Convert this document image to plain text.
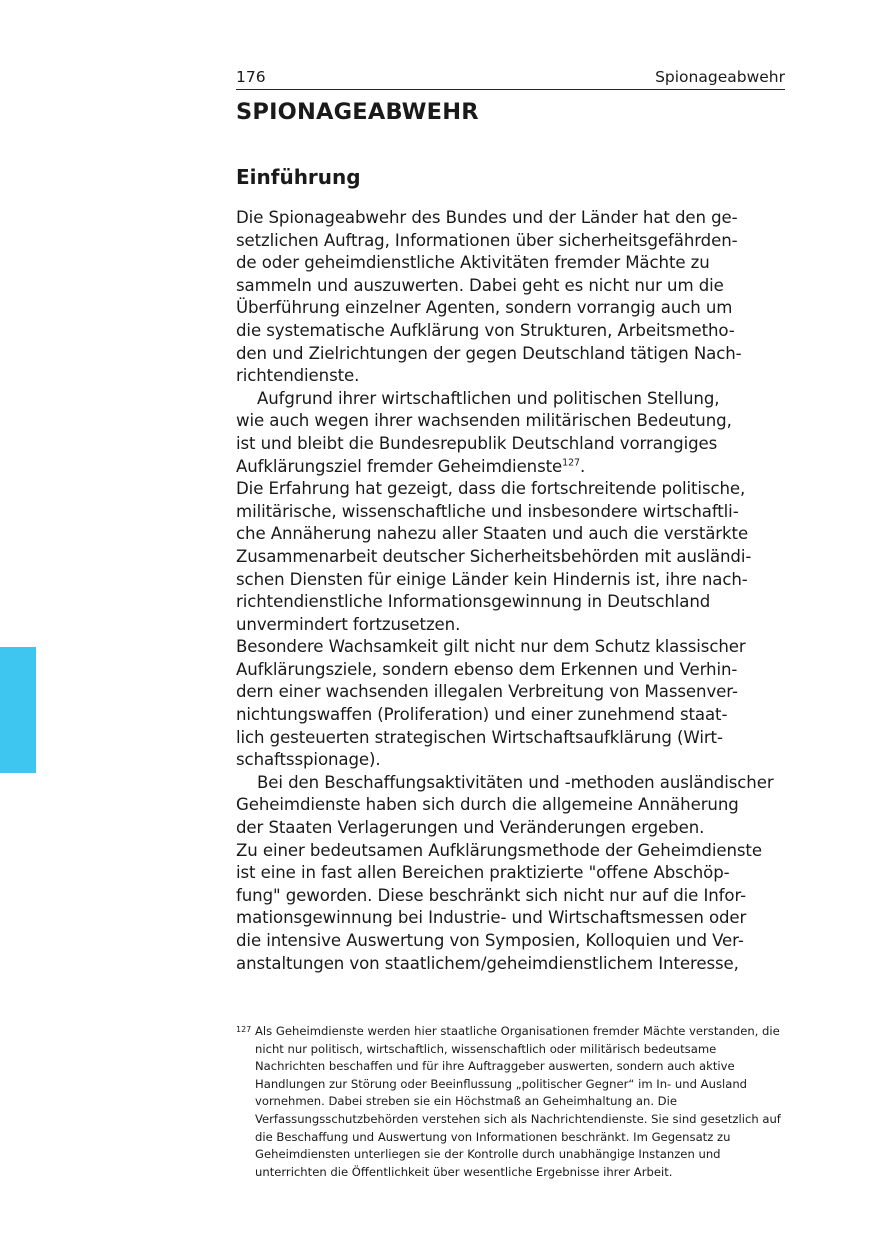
176	Spionageabwehr
SPIONAGEABWEHR
Einführung

Die Spionageabwehr des Bundes und der Länder hat den ge-
setzlichen Auftrag, Informationen über sicherheitsgefährden-
de oder geheimdienstliche Aktivitäten fremder Mächte zu
sammeln und auszuwerten. Dabei geht es nicht nur um die
Überführung einzelner Agenten, sondern vorrangig auch um
die systematische Aufklärung von Strukturen, Arbeitsmetho-
den und Zielrichtungen der gegen Deutschland tätigen Nach-
richtendienste.

Aufgrund ihrer wirtschaftlichen und politischen Stellung,
wie auch wegen ihrer wachsenden militärischen Bedeutung,
ist und bleibt die Bundesrepublik Deutschland vorrangiges
Aufklärungsziel fremder Geheimdienste$^{127}$.

Die Erfahrung hat gezeigt, dass die fortschreitende politische,
militärische, wissenschaftliche und insbesondere wirtschaftli-
che Annäherung nahezu aller Staaten und auch die verstärkte
Zusammenarbeit deutscher Sicherheitsbehörden mit ausländi-
schen Diensten für einige Länder kein Hindernis ist, ihre nach-
richtendienstliche Informationsgewinnung in Deutschland
unvermindert fortzusetzen.

Besondere Wachsamkeit gilt nicht nur dem Schutz klassischer
Aufklärungsziele, sondern ebenso dem Erkennen und Verhin-
dern einer wachsenden illegalen Verbreitung von Massenver-
nichtungswaffen (Proliferation) und einer zunehmend staat-
lich gesteuerten strategischen Wirtschaftsaufklärung (Wirt-
schaftsspionage).

Bei den Beschaffungsaktivitäten und -methoden ausländischer
Geheimdienste haben sich durch die allgemeine Annäherung
der Staaten Verlagerungen und Veränderungen ergeben.

Zu einer bedeutsamen Aufklärungsmethode der Geheimdienste
ist eine in fast allen Bereichen praktizierte "offene Abschöp-
fung" geworden. Diese beschränkt sich nicht nur auf die Infor-
mationsgewinnung bei Industrie- und Wirtschaftsmessen oder
die intensive Auswertung von Symposien, Kolloquien und Ver-
anstaltungen von staatlichem/geheimdienstlichem Interesse,

127 Als Geheimdienste werden hier staatliche Organisationen fremder Mächte verstanden, die nicht nur politisch, wirtschaftlich, wissenschaftlich oder militärisch bedeutsame Nachrichten beschaffen und für ihre Auftraggeber auswerten, sondern auch aktive Handlungen zur Störung oder Beeinflussung „politischer Gegner“ im In- und Ausland vornehmen. Dabei streben sie ein Höchstmaß an Geheimhaltung an. Die Verfassungsschutzbehörden verstehen sich als Nachrichtendienste. Sie sind gesetzlich auf die Beschaffung und Auswertung von Informationen beschränkt. Im Gegensatz zu Geheimdiensten unterliegen sie der Kontrolle durch unabhängige Instanzen und unterrichten die Öffentlichkeit über wesentliche Ergebnisse ihrer Arbeit.
